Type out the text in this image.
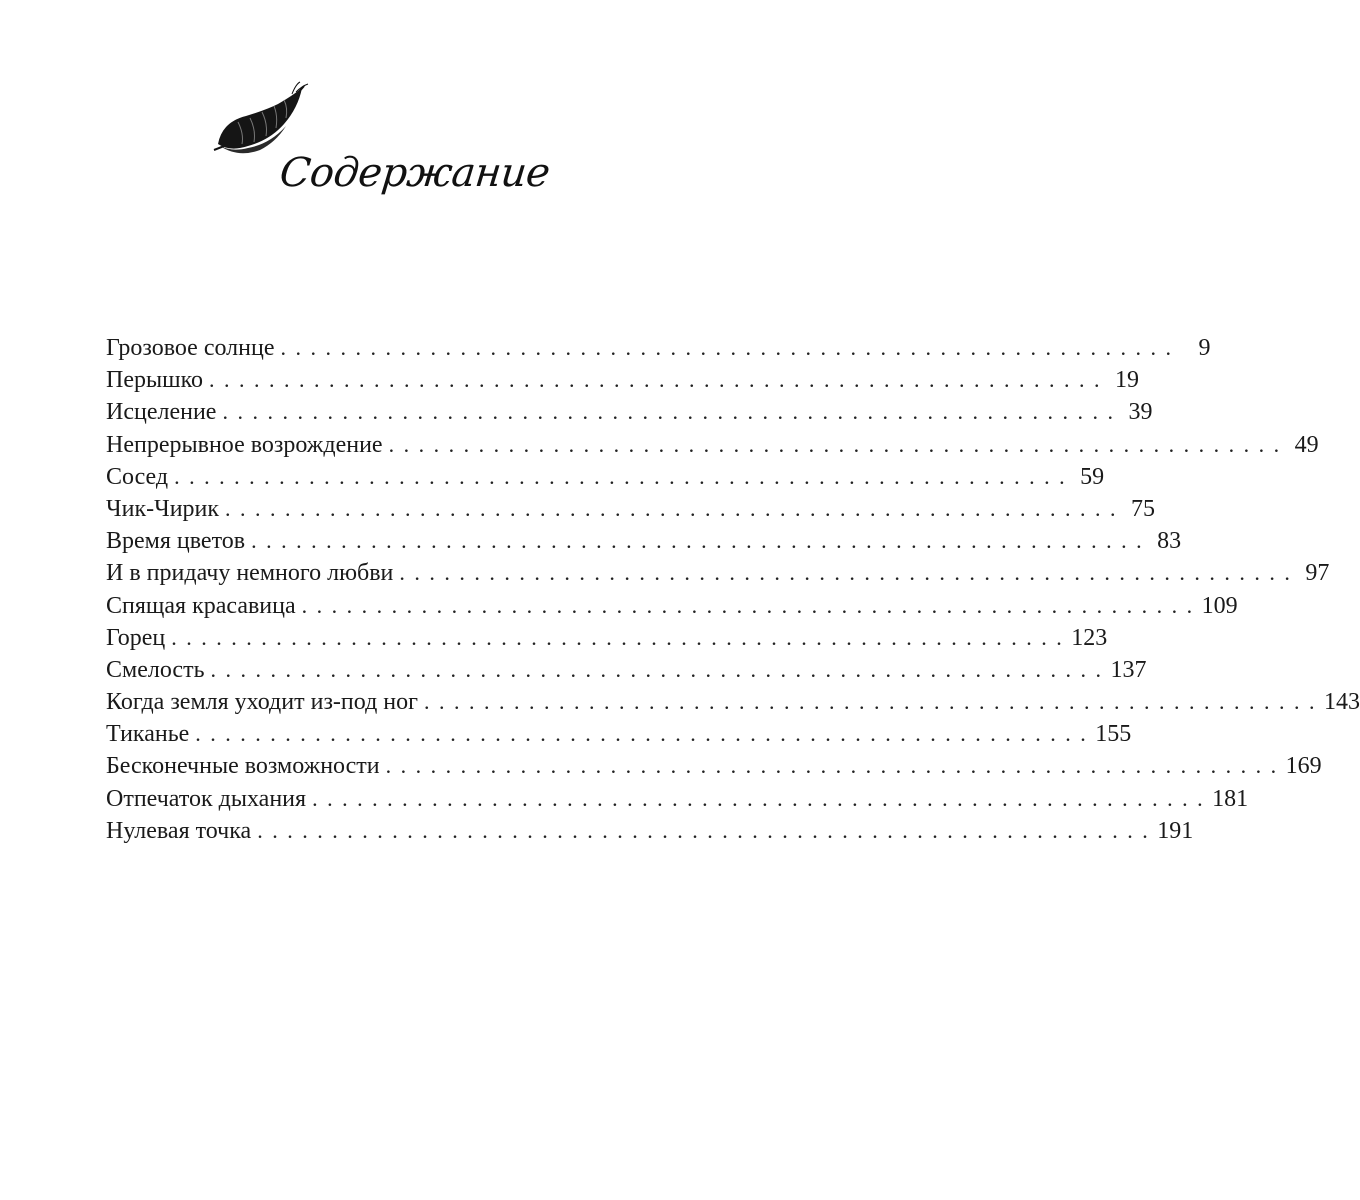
Содержание
Грозовое солнце ............................................................ 9
Перышко ............................................................ 19
Исцеление ............................................................ 39
Непрерывное возрождение ............................................................ 49
Сосед ............................................................ 59
Чик-Чирик ............................................................ 75
Время цветов ............................................................ 83
И в придачу немного любви ............................................................ 97
Спящая красавица ............................................................ 109
Горец ............................................................ 123
Смелость ............................................................ 137
Когда земля уходит из-под ног ............................................................ 143
Тиканье ............................................................ 155
Бесконечные возможности ............................................................ 169
Отпечаток дыхания ............................................................ 181
Нулевая точка ............................................................ 191
